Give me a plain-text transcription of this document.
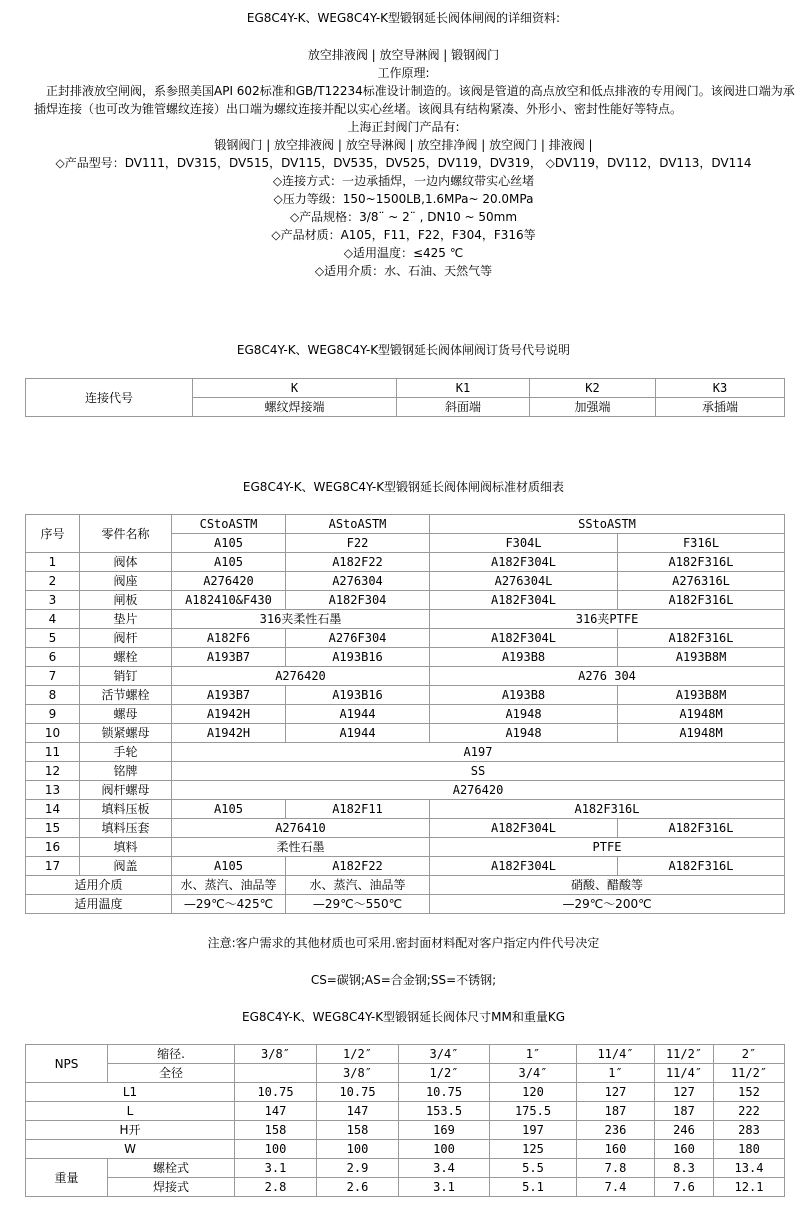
EG8C4Y-K、WEG8C4Y-K型锻钢延长阀体闸阀的详细资料:
放空排液阀 | 放空导淋阀 | 锻钢阀门
工作原理:
正封排液放空闸阀，系参照美国API 602标准和GB/T12234标准设计制造的。该阀是管道的高点放空和低点排液的专用阀门。该阀进口端为承插焊连接（也可改为锥管螺纹连接）出口端为螺纹连接并配以实心丝堵。该阀具有结构紧凑、外形小、密封性能好等特点。
上海正封阀门产品有:
锻钢阀门 | 放空排液阀 | 放空导淋阀 | 放空排净阀 | 放空阀门 | 排液阀 |
◇产品型号：DV111，DV315，DV515，DV115，DV535，DV525，DV119，DV319， ◇DV119，DV112，DV113，DV114
◇连接方式：一边承插焊，一边内螺纹带实心丝堵
◇压力等级：150~1500LB,1.6MPa~ 20.0MPa
◇产品规格：3/8¨ ~ 2¨ , DN10 ~ 50mm
◇产品材质：A105，F11，F22，F304，F316等
◇适用温度：≤425 ℃
◇适用介质：水、石油、天然气等
EG8C4Y-K、WEG8C4Y-K型锻钢延长阀体闸阀订货号代号说明
连接代号	K	K1	K2	K3
	螺纹焊接端	斜面端	加强端	承插端
EG8C4Y-K、WEG8C4Y-K型锻钢延长阀体闸阀标准材质细表
序号	零件名称	CStoASTM	AStoASTM	SStoASTM	
		A105	F22	F304L	F316L
1	阀体	A105	A182F22	A182F304L	A182F316L
2	阀座	A276420	A276304	A276304L	A276316L
3	闸板	A182410&F430	A182F304	A182F304L	A182F316L
4	垫片	316夹柔性石墨		316夹PTFE	
5	阀杆	A182F6	A276F304	A182F304L	A182F316L
6	螺栓	A193B7	A193B16	A193B8	A193B8M
7	销钉	A276420		A276 304	
8	活节螺栓	A193B7	A193B16	A193B8	A193B8M
9	螺母	A1942H	A1944	A1948	A1948M
10	锁紧螺母	A1942H	A1944	A1948	A1948M
11	手轮	A197			
12	铭牌	SS			
13	阀杆螺母	A276420			
14	填料压板	A105	A182F11	A182F316L	
15	填料压套	A276410		A182F304L	A182F316L
16	填料	柔性石墨		PTFE	
17	阀盖	A105	A182F22	A182F304L	A182F316L
适用介质		水、蒸汽、油品等	水、蒸汽、油品等	硝酸、醋酸等	
适用温度		—29℃～425℃	—29℃～550℃	—29℃～200℃	
注意:客户需求的其他材质也可采用.密封面材料配对客户指定内件代号决定
CS=碳钢;AS=合金钢;SS=不锈钢;
EG8C4Y-K、WEG8C4Y-K型锻钢延长阀体尺寸MM和重量KG
NPS	缩径.	3/8″	1/2″	3/4″	1″	11/4″	11/2″	2″
	全径		3/8″	1/2″	3/4″	1″	11/4″	11/2″
L1		10.75	10.75	10.75	120	127	127	152
L		147	147	153.5	175.5	187	187	222
H开		158	158	169	197	236	246	283
W		100	100	100	125	160	160	180
重量	螺栓式	3.1	2.9	3.4	5.5	7.8	8.3	13.4
	焊接式	2.8	2.6	3.1	5.1	7.4	7.6	12.1
